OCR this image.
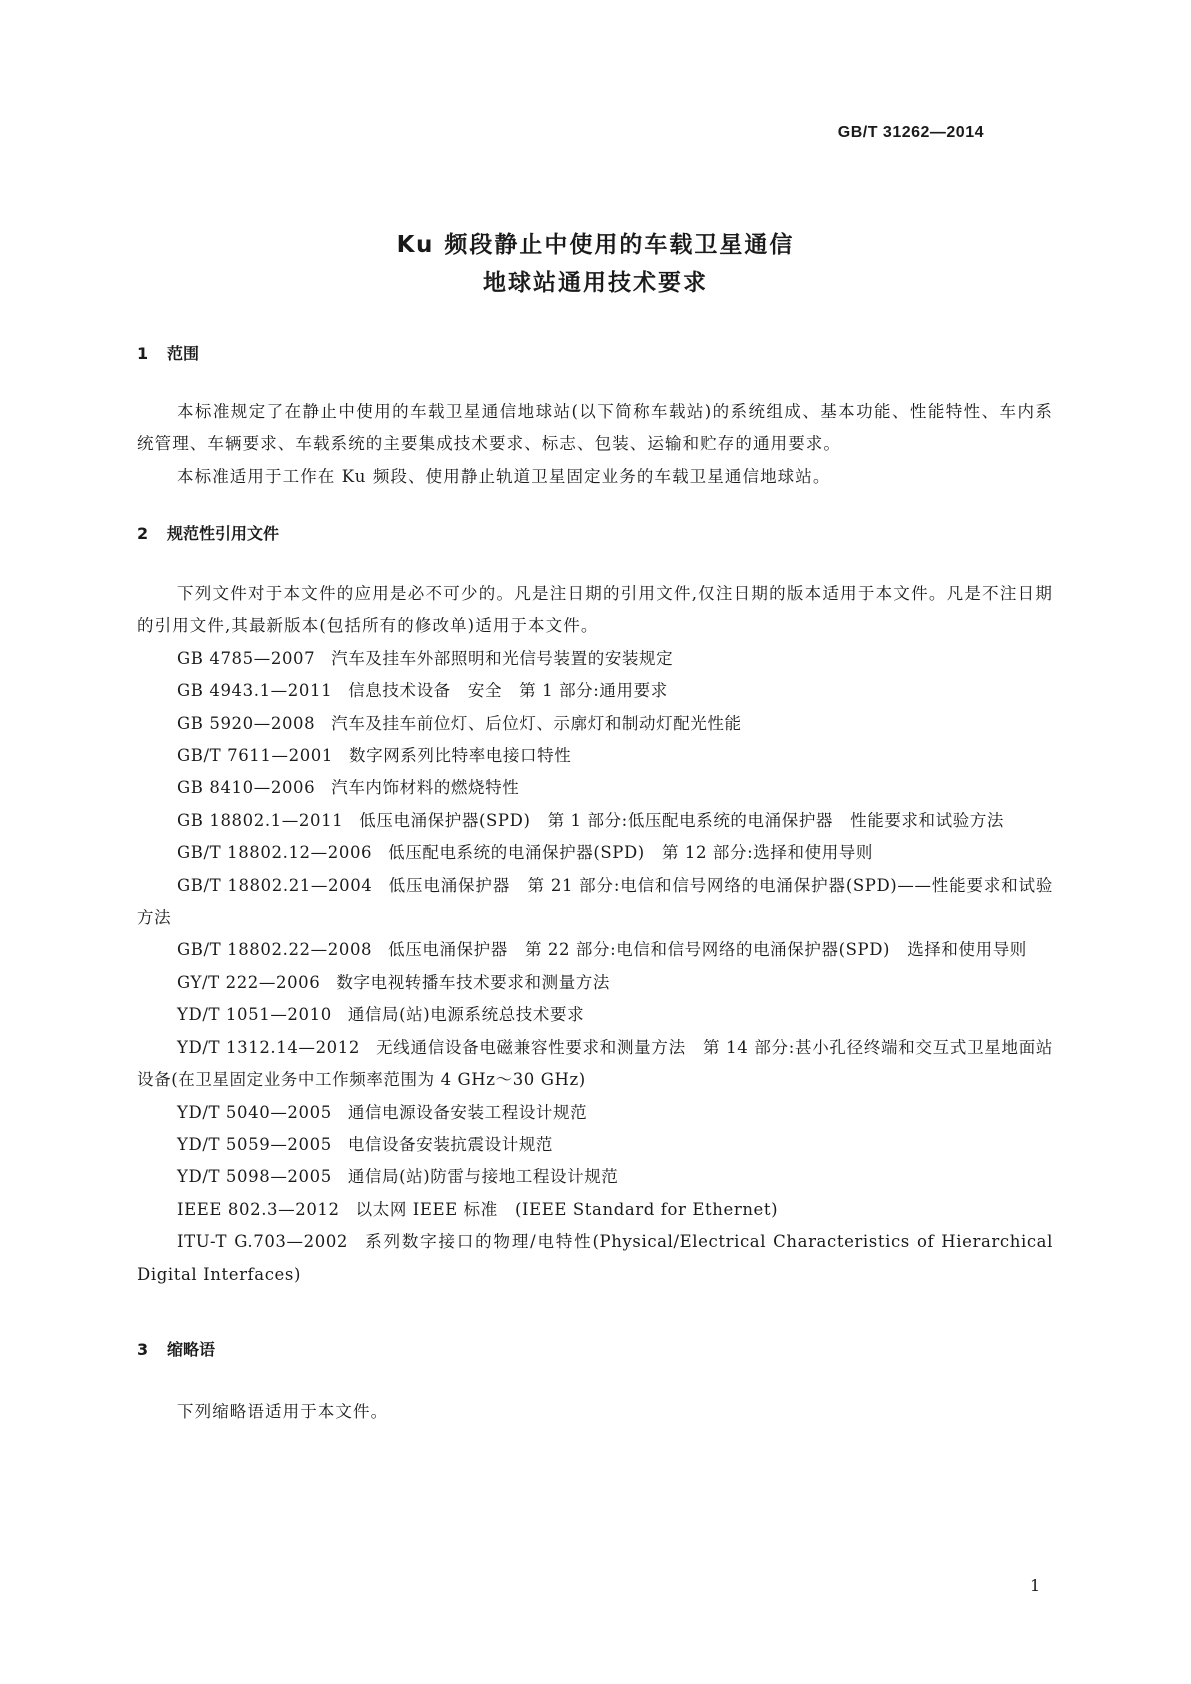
GB/T 31262—2014
Ku 频段静止中使用的车载卫星通信
地球站通用技术要求
1 范围
本标准规定了在静止中使用的车载卫星通信地球站(以下简称车载站)的系统组成、基本功能、性能特性、车内系统管理、车辆要求、车载系统的主要集成技术要求、标志、包装、运输和贮存的通用要求。
本标准适用于工作在 Ku 频段、使用静止轨道卫星固定业务的车载卫星通信地球站。
2 规范性引用文件
下列文件对于本文件的应用是必不可少的。凡是注日期的引用文件,仅注日期的版本适用于本文件。凡是不注日期的引用文件,其最新版本(包括所有的修改单)适用于本文件。
GB 4785—2007 汽车及挂车外部照明和光信号装置的安装规定
GB 4943.1—2011 信息技术设备　安全　第 1 部分:通用要求
GB 5920—2008 汽车及挂车前位灯、后位灯、示廓灯和制动灯配光性能
GB/T 7611—2001 数字网系列比特率电接口特性
GB 8410—2006 汽车内饰材料的燃烧特性
GB 18802.1—2011 低压电涌保护器(SPD)　第 1 部分:低压配电系统的电涌保护器　性能要求和试验方法
GB/T 18802.12—2006 低压配电系统的电涌保护器(SPD)　第 12 部分:选择和使用导则
GB/T 18802.21—2004 低压电涌保护器　第 21 部分:电信和信号网络的电涌保护器(SPD)——性能要求和试验方法
GB/T 18802.22—2008 低压电涌保护器　第 22 部分:电信和信号网络的电涌保护器(SPD)　选择和使用导则
GY/T 222—2006 数字电视转播车技术要求和测量方法
YD/T 1051—2010 通信局(站)电源系统总技术要求
YD/T 1312.14—2012 无线通信设备电磁兼容性要求和测量方法　第 14 部分:甚小孔径终端和交互式卫星地面站设备(在卫星固定业务中工作频率范围为 4 GHz～30 GHz)
YD/T 5040—2005 通信电源设备安装工程设计规范
YD/T 5059—2005 电信设备安装抗震设计规范
YD/T 5098—2005 通信局(站)防雷与接地工程设计规范
IEEE 802.3—2012 以太网 IEEE 标准　(IEEE Standard for Ethernet)
ITU-T G.703—2002 系列数字接口的物理/电特性(Physical/Electrical Characteristics of Hierarchical Digital Interfaces)
3 缩略语
下列缩略语适用于本文件。
1
